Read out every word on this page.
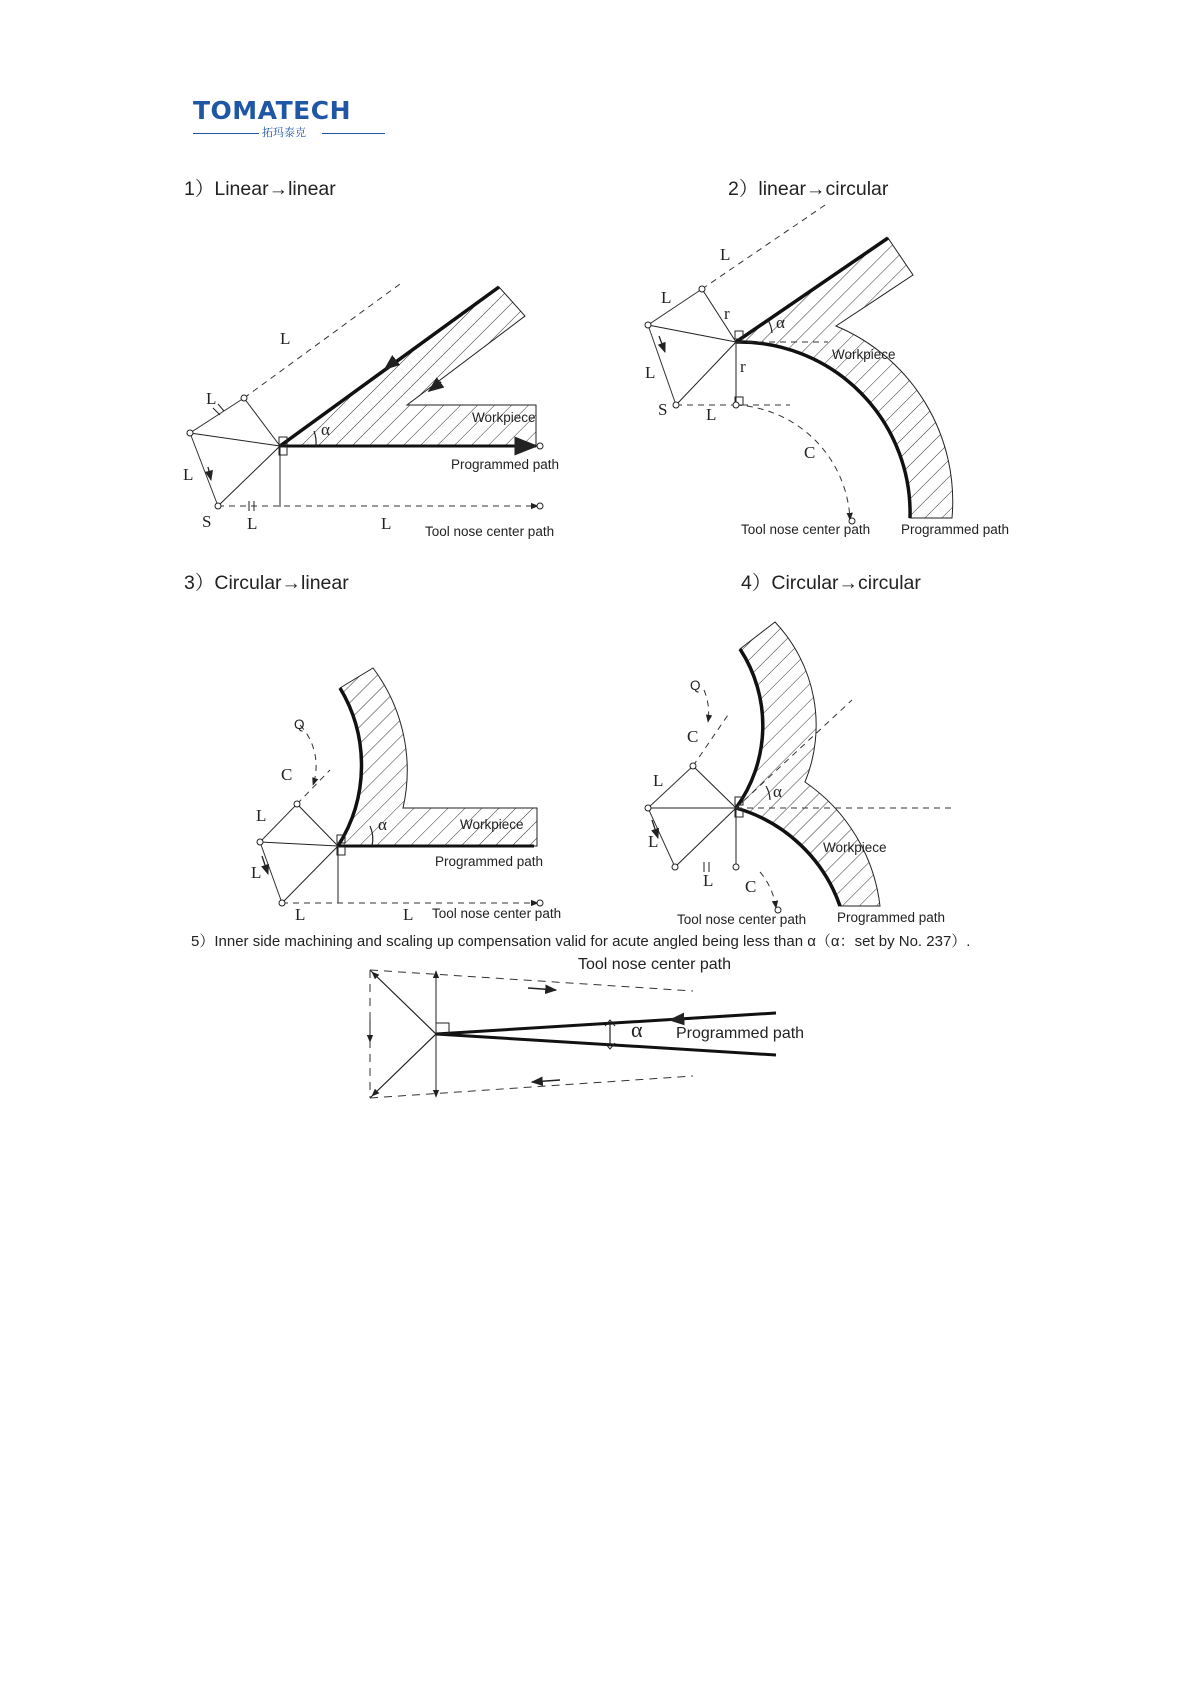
TOMATECH
拓玛泰克
1）Linear→linear	2）linear→circular
3）Circular→linear	4）Circular→circular
5）Inner side machining and scaling up compensation valid for acute angled being less than α（α：set by No. 237）.
L
L
L
S L	L
α
Workpiece
Programmed path
Tool nose center path
L
L
r
r
L
S L
C
α
Workpiece
Tool nose center path Programmed path
Q
C
L
L
L	L
α	Workpiece
Programmed path
Tool nose center path
Q
C
L
L
L C
α
Workpiece
Tool nose center path Programmed path
α
Tool nose center path
Programmed path
